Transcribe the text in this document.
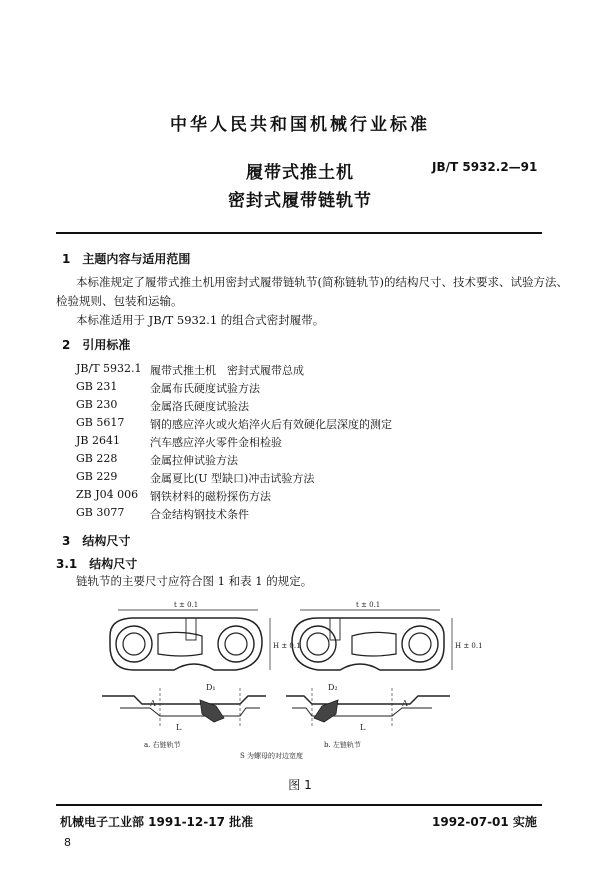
中华人民共和国机械行业标准
履带式推土机
密封式履带链轨节
JB/T 5932.2—91
1　主题内容与适用范围
本标准规定了履带式推土机用密封式履带链轨节(简称链轨节)的结构尺寸、技术要求、试验方法、
检验规则、包装和运输。
本标准适用于 JB/T 5932.1 的组合式密封履带。
2　引用标准
JB/T 5932.1 履带式推土机　密封式履带总成
GB 231	金属布氏硬度试验方法
GB 230	金属洛氏硬度试验法
GB 5617 钢的感应淬火或火焰淬火后有效硬化层深度的测定
JB 2641	汽车感应淬火零件金相检验
GB 228	金属拉伸试验方法
GB 229	金属夏比(U 型缺口)冲击试验方法
ZB J04 006 钢铁材料的磁粉探伤方法
GB 3077 合金结构钢技术条件
3　结构尺寸
3.1　结构尺寸
链轨节的主要尺寸应符合图 1 和表 1 的规定。
t ± 0.1
H ± 0.1
D₁
L
A
a. 右链轨节
t ± 0.1
H ± 0.1
D₂
L
A
b. 左链轨节
S 为螺母的对边宽度
图 1
机械电子工业部 1991-12-17 批准	1992-07-01 实施
8
